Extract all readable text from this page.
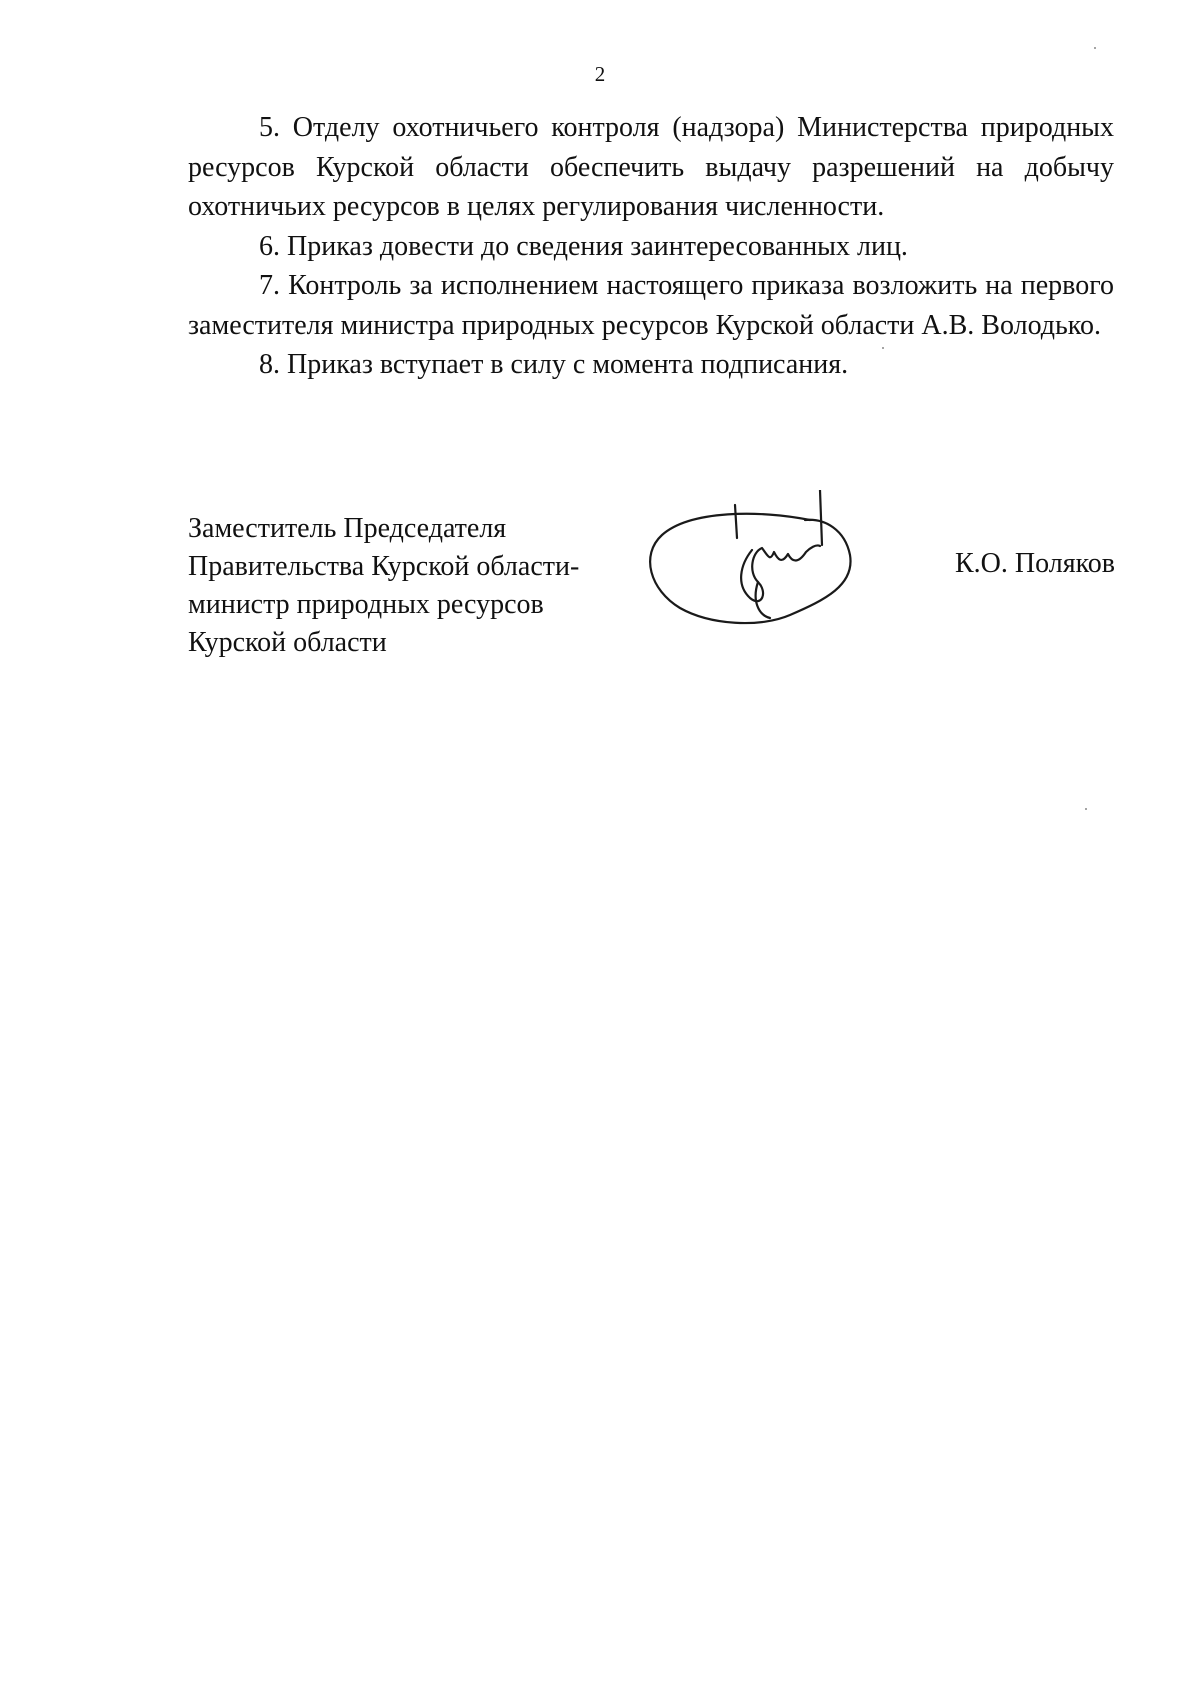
2

5. Отделу охотничьего контроля (надзора) Министерства природных ресурсов Курской области обеспечить выдачу разрешений на добычу охотничьих ресурсов в целях регулирования численности.

6. Приказ довести до сведения заинтересованных лиц.

7. Контроль за исполнением настоящего приказа возложить на первого заместителя министра природных ресурсов Курской области А.В. Володько.

8. Приказ вступает в силу с момента подписания.

Заместитель Председателя
Правительства Курской области-
министр природных ресурсов
Курской области
К.О. Поляков
